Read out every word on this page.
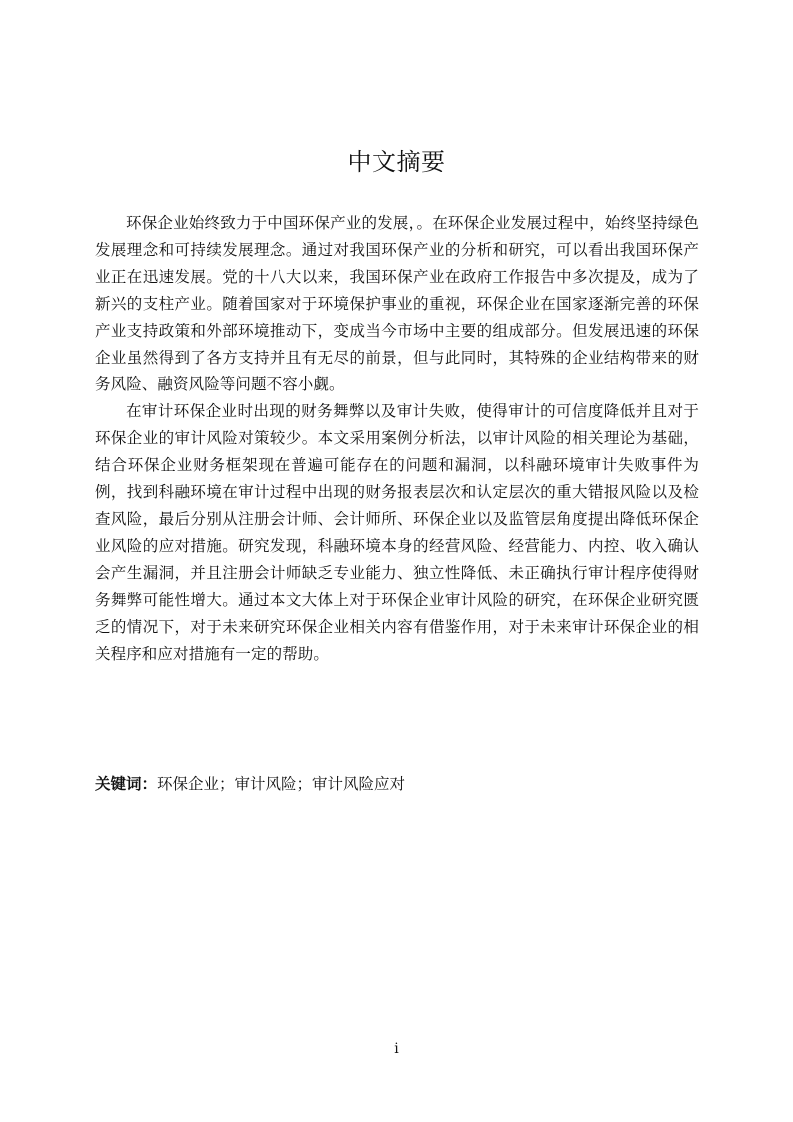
中文摘要

环保企业始终致力于中国环保产业的发展，。在环保企业发展过程中，始终坚持绿色发展理念和可持续发展理念。通过对我国环保产业的分析和研究，可以看出我国环保产业正在迅速发展。党的十八大以来，我国环保产业在政府工作报告中多次提及，成为了新兴的支柱产业。随着国家对于环境保护事业的重视，环保企业在国家逐渐完善的环保产业支持政策和外部环境推动下，变成当今市场中主要的组成部分。但发展迅速的环保企业虽然得到了各方支持并且有无尽的前景，但与此同时，其特殊的企业结构带来的财务风险、融资风险等问题不容小觑。

在审计环保企业时出现的财务舞弊以及审计失败，使得审计的可信度降低并且对于环保企业的审计风险对策较少。本文采用案例分析法，以审计风险的相关理论为基础，结合环保企业财务框架现在普遍可能存在的问题和漏洞，以科融环境审计失败事件为例，找到科融环境在审计过程中出现的财务报表层次和认定层次的重大错报风险以及检查风险，最后分别从注册会计师、会计师所、环保企业以及监管层角度提出降低环保企业风险的应对措施。研究发现，科融环境本身的经营风险、经营能力、内控、收入确认会产生漏洞，并且注册会计师缺乏专业能力、独立性降低、未正确执行审计程序使得财务舞弊可能性增大。通过本文大体上对于环保企业审计风险的研究，在环保企业研究匮乏的情况下，对于未来研究环保企业相关内容有借鉴作用，对于未来审计环保企业的相关程序和应对措施有一定的帮助。

关键词：环保企业；审计风险；审计风险应对
i
